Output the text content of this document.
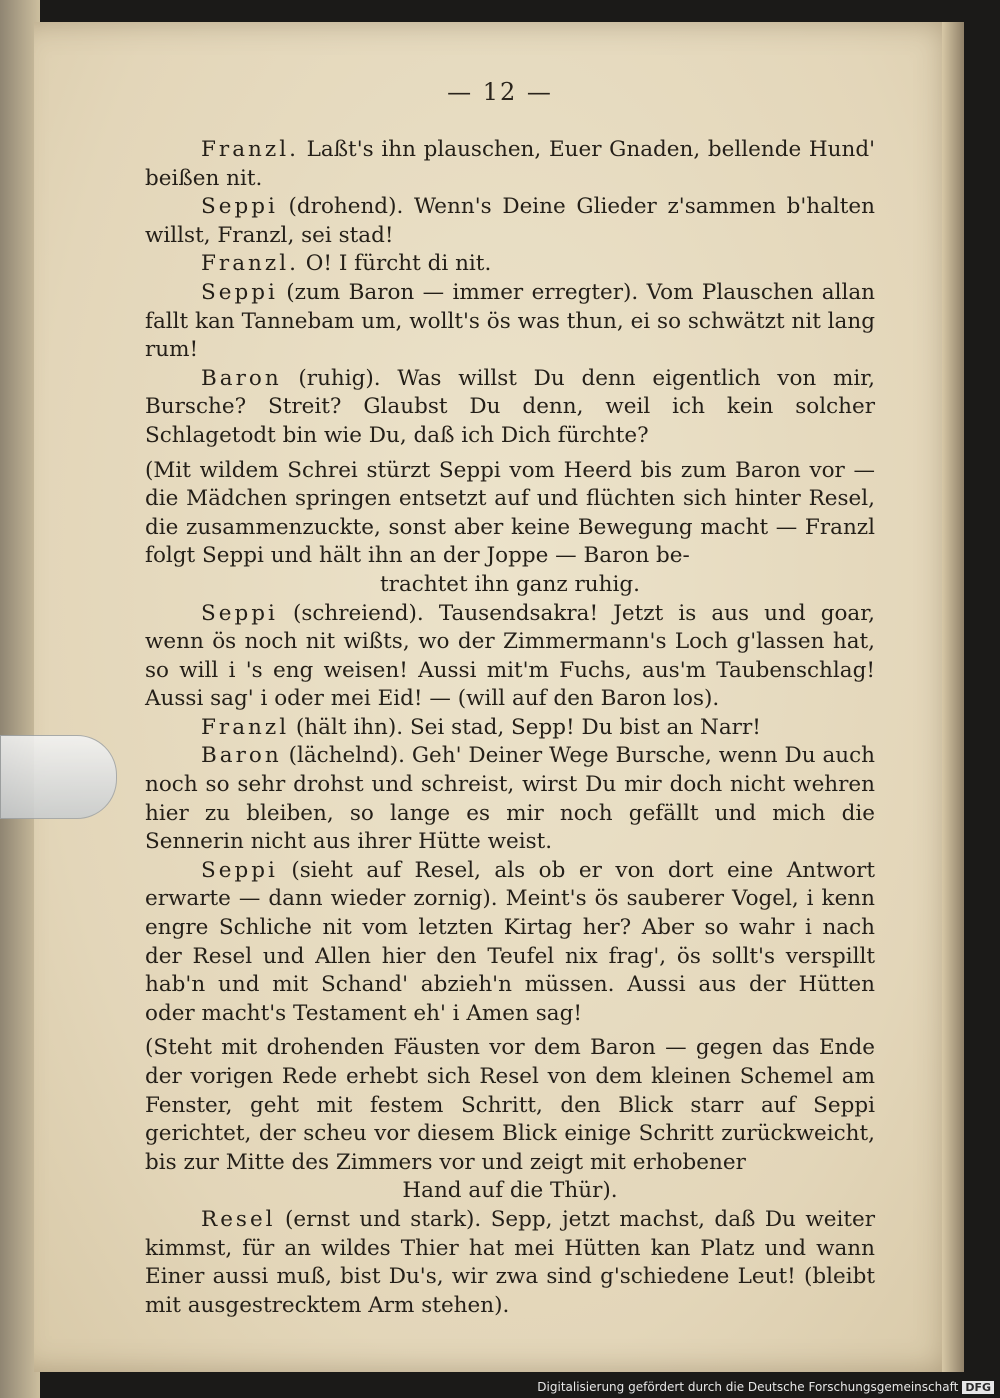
— 12 —

Franzl. Laßt's ihn plauschen, Euer Gnaden, bellende Hund' beißen nit.

Seppi (drohend). Wenn's Deine Glieder z'sammen b'halten willst, Franzl, sei stad!

Franzl. O! I fürcht di nit.

Seppi (zum Baron — immer erregter). Vom Plauschen allan fallt kan Tannebam um, wollt's ös was thun, ei so schwätzt nit lang rum!

Baron (ruhig). Was willst Du denn eigentlich von mir, Bursche? Streit? Glaubst Du denn, weil ich kein solcher Schlagetodt bin wie Du, daß ich Dich fürchte?

(Mit wildem Schrei stürzt Seppi vom Heerd bis zum Baron vor — die Mädchen springen entsetzt auf und flüchten sich hinter Resel, die zusammenzuckte, sonst aber keine Bewegung macht — Franzl folgt Seppi und hält ihn an der Joppe — Baron be-
trachtet ihn ganz ruhig.

Seppi (schreiend). Tausendsakra! Jetzt is aus und goar, wenn ös noch nit wißts, wo der Zimmermann's Loch g'lassen hat, so will i 's eng weisen! Aussi mit'm Fuchs, aus'm Taubenschlag! Aussi sag' i oder mei Eid! — (will auf den Baron los).

Franzl (hält ihn). Sei stad, Sepp! Du bist an Narr!

Baron (lächelnd). Geh' Deiner Wege Bursche, wenn Du auch noch so sehr drohst und schreist, wirst Du mir doch nicht wehren hier zu bleiben, so lange es mir noch gefällt und mich die Sennerin nicht aus ihrer Hütte weist.

Seppi (sieht auf Resel, als ob er von dort eine Antwort erwarte — dann wieder zornig). Meint's ös sauberer Vogel, i kenn engre Schliche nit vom letzten Kirtag her? Aber so wahr i nach der Resel und Allen hier den Teufel nix frag', ös sollt's verspillt hab'n und mit Schand' abzieh'n müssen. Aussi aus der Hütten oder macht's Testament eh' i Amen sag!

(Steht mit drohenden Fäusten vor dem Baron — gegen das Ende der vorigen Rede erhebt sich Resel von dem kleinen Schemel am Fenster, geht mit festem Schritt, den Blick starr auf Seppi gerichtet, der scheu vor diesem Blick einige Schritt zurückweicht, bis zur Mitte des Zimmers vor und zeigt mit erhobener
Hand auf die Thür).

Resel (ernst und stark). Sepp, jetzt machst, daß Du weiter kimmst, für an wildes Thier hat mei Hütten kan Platz und wann Einer aussi muß, bist Du's, wir zwa sind g'schiedene Leut! (bleibt mit ausgestrecktem Arm stehen).

Digitalisierung gefördert durch die Deutsche Forschungsgemeinschaft DFG
